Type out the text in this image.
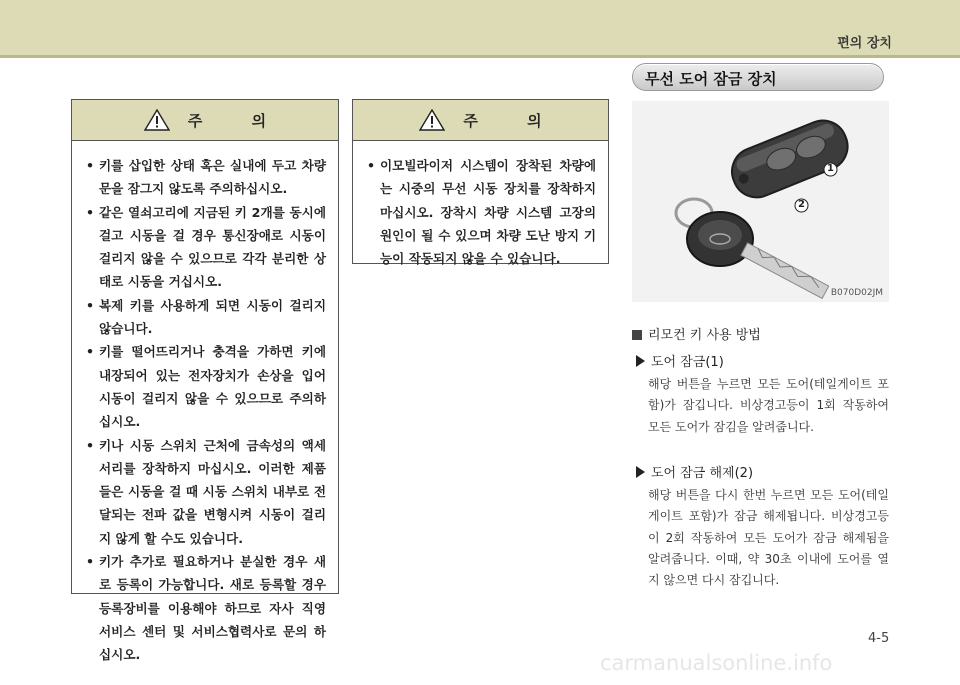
편의 장치
주 의
• 키를 삽입한 상태 혹은 실내에 두고 차량문을 잠그지 않도록 주의하십시오.
• 같은 열쇠고리에 지금된 키 2개를 동시에 걸고 시동을 걸 경우 통신장애로 시동이 걸리지 않을 수 있으므로 각각 분리한 상태로 시동을 거십시오.
• 복제 키를 사용하게 되면 시동이 걸리지 않습니다.
• 키를 떨어뜨리거나 충격을 가하면 키에 내장되어 있는 전자장치가 손상을 입어 시동이 걸리지 않을 수 있으므로 주의하십시오.
• 키나 시동 스위치 근처에 금속성의 액세서리를 장착하지 마십시오. 이러한 제품들은 시동을 걸 때 시동 스위치 내부로 전달되는 전파 값을 변형시켜 시동이 걸리지 않게 할 수도 있습니다.
• 키가 추가로 필요하거나 분실한 경우 새로 등록이 가능합니다. 새로 등록할 경우 등록장비를 이용해야 하므로 자사 직영 서비스 센터 및 서비스협력사로 문의 하십시오.
주 의
• 이모빌라이저 시스템이 장착된 차량에는 시중의 무선 시동 장치를 장착하지 마십시오. 장착시 차량 시스템 고장의 원인이 될 수 있으며 차량 도난 방지 기능이 작동되지 않을 수 있습니다.
무선 도어 잠금 장치
1
2
B070D02JM
리모컨 키 사용 방법
도어 잠금(1)
해당 버튼을 누르면 모든 도어(테일게이트 포함)가 잠깁니다. 비상경고등이 1회 작동하여 모든 도어가 잠김을 알려줍니다.
도어 잠금 해제(2)
해당 버튼을 다시 한번 누르면 모든 도어(테일게이트 포함)가 잠금 해제됩니다. 비상경고등이 2회 작동하여 모든 도어가 잠금 해제됨을 알려줍니다. 이때, 약 30초 이내에 도어를 열지 않으면 다시 잠깁니다.
4-5
carmanualsonline.info
